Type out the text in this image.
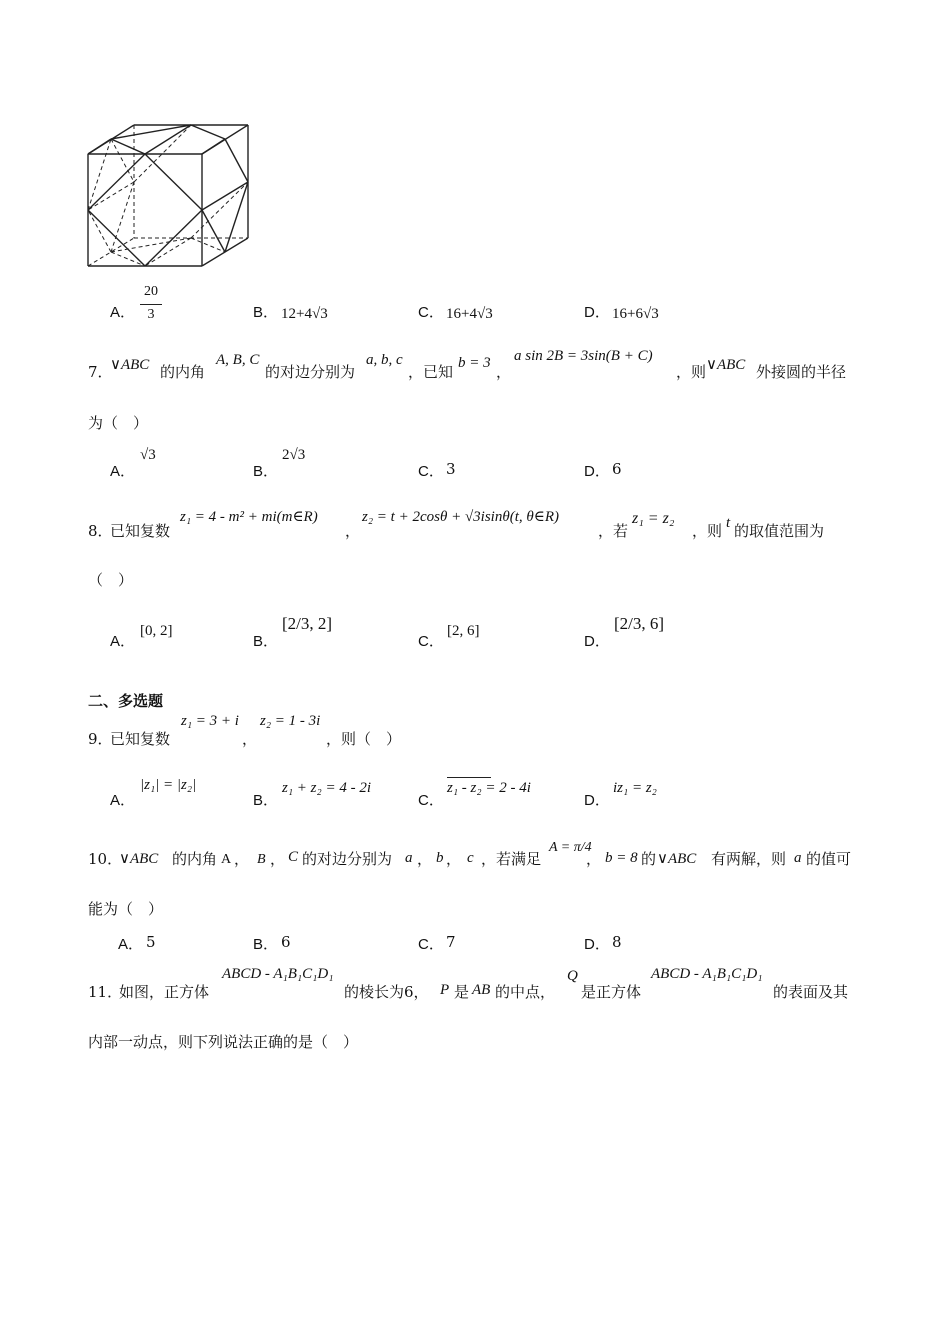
A．
20
3	B． 12+4√3	C． 16+4√3	D． 16+6√3
7．
∨ABC 的内角
A, B, C
的对边分别为
a, b, c
，已知 b = 3 ，
a sin 2B = 3sin(B + C)
，则 ∨ABC 外接圆的半径
为（　）
A．
√3
B．
2√3
C． 3	D． 6
8．
已知复数
z₁ = 4 - m² + mi(m∈R)
，
z₂ = t + 2cosθ + √3isinθ(t, θ∈R)
，若
z₁ = z₂
，则 t 的取值范围为
（　）
A．
[0, 2]
B．
[2/3, 2]
C．
[2, 6]
D．
[2/3, 6]
二、多选题
9．
已知复数
z₁ = 3 + i
，
z₂ = 1 - 3i
，则（　）
A．
|z₁| = |z₂|
B．
z₁ + z₂ = 4 - 2i
C．
z₁ - z₂ = 2 - 4i
D．
iz₁ = z₂
10．
∨ABC 的内角 A ， B ， C 的对边分别为 a ， b ， c ，若满足
A = π/4
， b = 8 的 ∨ABC 有两解，则 a 的值可
能为（　）
A． 5	B． 6	C． 7	D． 8
11．
如图，正方体
ABCD - A₁B₁C₁D₁
的棱长为6， P 是 AB 的中点，
Q
是正方体
ABCD - A₁B₁C₁D₁
的表面及其
内部一动点，则下列说法正确的是（　）
